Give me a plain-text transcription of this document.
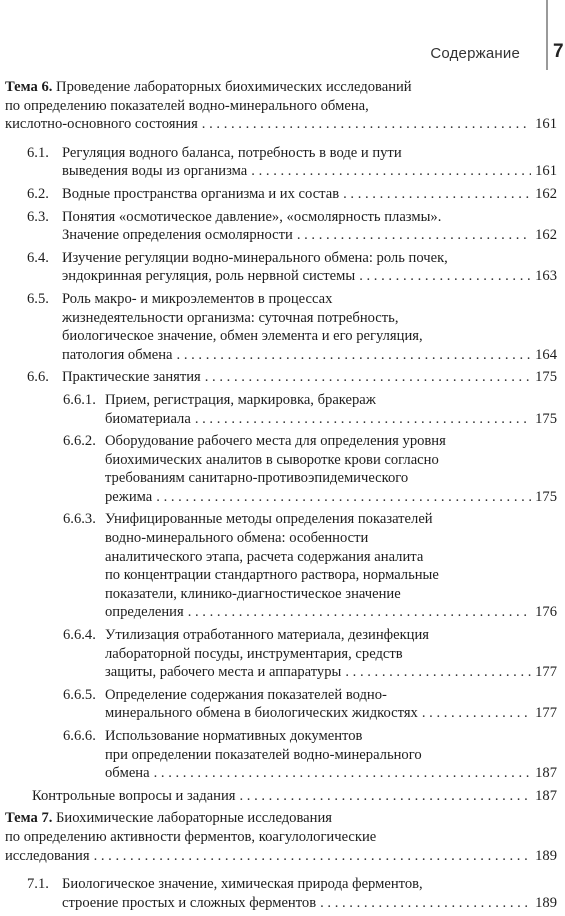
Содержание 7
Тема 6. Проведение лабораторных биохимических исследований
по определению показателей водно-минерального обмена,
кислотно-основного состояния . . .	161
6.1. Регуляция водного баланса, потребность в воде и пути
выведения воды из организма . . .	161
6.2. Водные пространства организма и их состав . . .	162
6.3. Понятия «осмотическое давление», «осмолярность плазмы».
Значение определения осмолярности . . .	162
6.4. Изучение регуляции водно-минерального обмена: роль почек,
эндокринная регуляция, роль нервной системы . . .	163
6.5. Роль макро- и микроэлементов в процессах
жизнедеятельности организма: суточная потребность,
биологическое значение, обмен элемента и его регуляция,
патология обмена . . .	164
6.6. Практические занятия . . .	175
6.6.1. Прием, регистрация, маркировка, бракераж
биоматериала . . .	175
6.6.2. Оборудование рабочего места для определения уровня
биохимических аналитов в сыворотке крови согласно
требованиям санитарно-противоэпидемического
режима . . .	175
6.6.3. Унифицированные методы определения показателей
водно-минерального обмена: особенности
аналитического этапа, расчета содержания аналита
по концентрации стандартного раствора, нормальные
показатели, клинико-диагностическое значение
определения . . .	176
6.6.4. Утилизация отработанного материала, дезинфекция
лабораторной посуды, инструментария, средств
защиты, рабочего места и аппаратуры . . .	177
6.6.5. Определение содержания показателей водно-
минерального обмена в биологических жидкостях . . .	177
6.6.6. Использование нормативных документов
при определении показателей водно-минерального
обмена . . .	187
Контрольные вопросы и задания . . .	187
Тема 7. Биохимические лабораторные исследования
по определению активности ферментов, коагулологические
исследования . . .	189
7.1. Биологическое значение, химическая природа ферментов,
строение простых и сложных ферментов . . .	189
